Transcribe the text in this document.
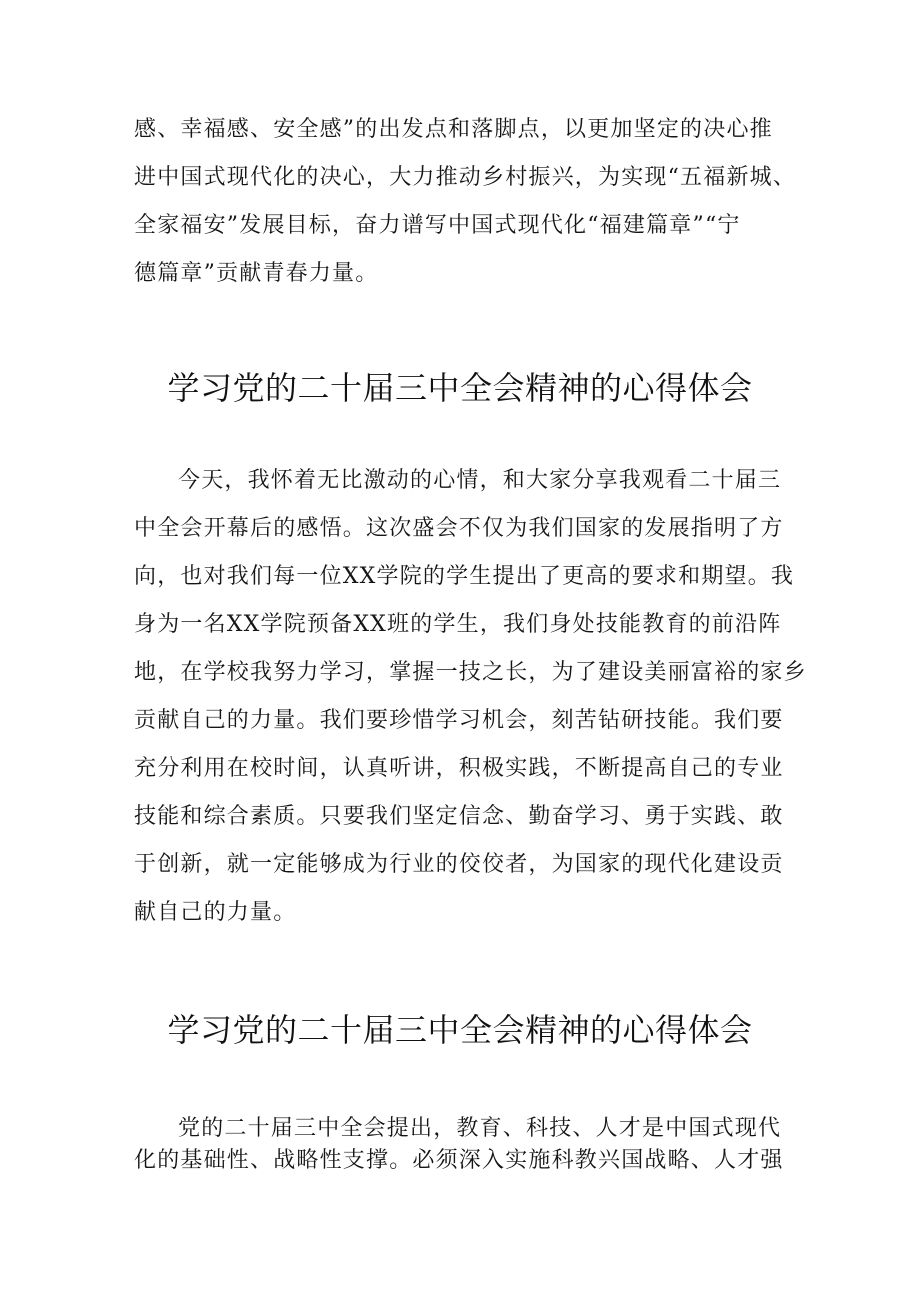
感、幸福感、安全感”的出发点和落脚点，以更加坚定的决心推
进中国式现代化的决心，大力推动乡村振兴，为实现“五福新城、
全家福安”发展目标，奋力谱写中国式现代化“福建篇章”“宁
德篇章”贡献青春力量。
学习党的二十届三中全会精神的心得体会
今天，我怀着无比激动的心情，和大家分享我观看二十届三
中全会开幕后的感悟。这次盛会不仅为我们国家的发展指明了方
向，也对我们每一位XX学院的学生提出了更高的要求和期望。我
身为一名XX学院预备XX班的学生，我们身处技能教育的前沿阵
地，在学校我努力学习，掌握一技之长，为了建设美丽富裕的家乡
贡献自己的力量。我们要珍惜学习机会，刻苦钻研技能。我们要
充分利用在校时间，认真听讲，积极实践，不断提高自己的专业
技能和综合素质。只要我们坚定信念、勤奋学习、勇于实践、敢
于创新，就一定能够成为行业的佼佼者，为国家的现代化建设贡
献自己的力量。
学习党的二十届三中全会精神的心得体会
党的二十届三中全会提出，教育、科技、人才是中国式现代
化的基础性、战略性支撑。必须深入实施科教兴国战略、人才强
